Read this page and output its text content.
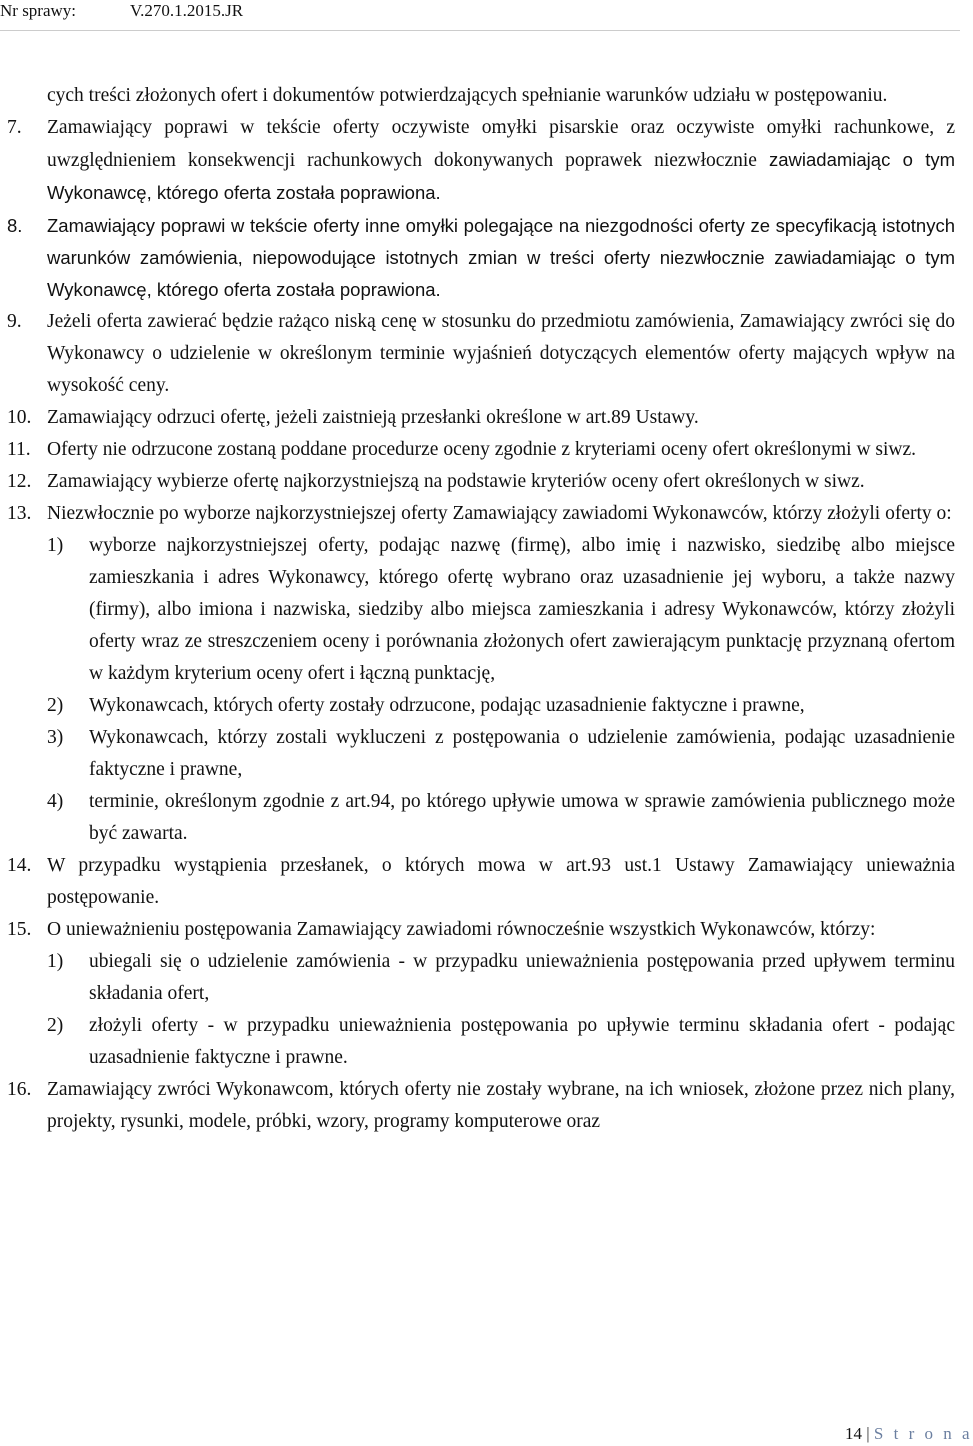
Nr sprawy:	V.270.1.2015.JR
cych treści złożonych ofert i dokumentów potwierdzających spełnianie warunków udziału w postępowaniu.
7. Zamawiający poprawi w tekście oferty oczywiste omyłki pisarskie oraz oczywiste omyłki rachunkowe, z uwzględnieniem konsekwencji rachunkowych dokonywanych poprawek niezwłocznie zawiadamiając o tym Wykonawcę, którego oferta została poprawiona.
8. Zamawiający poprawi w tekście oferty inne omyłki polegające na niezgodności oferty ze specyfikacją istotnych warunków zamówienia, niepowodujące istotnych zmian w treści oferty niezwłocznie zawiadamiając o tym Wykonawcę, którego oferta została poprawiona.
9. Jeżeli oferta zawierać będzie rażąco niską cenę w stosunku do przedmiotu zamówienia, Zamawiający zwróci się do Wykonawcy o udzielenie w określonym terminie wyjaśnień dotyczących elementów oferty mających wpływ na wysokość ceny.
10. Zamawiający odrzuci ofertę, jeżeli zaistnieją przesłanki określone w art.89 Ustawy.
11. Oferty nie odrzucone zostaną poddane procedurze oceny zgodnie z kryteriami oceny ofert określonymi w siwz.
12. Zamawiający wybierze ofertę najkorzystniejszą na podstawie kryteriów oceny ofert określonych w siwz.
13. Niezwłocznie po wyborze najkorzystniejszej oferty Zamawiający zawiadomi Wykonawców, którzy złożyli oferty o:
1) wyborze najkorzystniejszej oferty, podając nazwę (firmę), albo imię i nazwisko, siedzibę albo miejsce zamieszkania i adres Wykonawcy, którego ofertę wybrano oraz uzasadnienie jej wyboru, a także nazwy (firmy), albo imiona i nazwiska, siedziby albo miejsca zamieszkania i adresy Wykonawców, którzy złożyli oferty wraz ze streszczeniem oceny i porównania złożonych ofert zawierającym punktację przyznaną ofertom w każdym kryterium oceny ofert i łączną punktację,
2) Wykonawcach, których oferty zostały odrzucone, podając uzasadnienie faktyczne i prawne,
3) Wykonawcach, którzy zostali wykluczeni z postępowania o udzielenie zamówienia, podając uzasadnienie faktyczne i prawne,
4) terminie, określonym zgodnie z art.94, po którego upływie umowa w sprawie zamówienia publicznego może być zawarta.
14. W przypadku wystąpienia przesłanek, o których mowa w art.93 ust.1 Ustawy Zamawiający unieważnia postępowanie.
15. O unieważnieniu postępowania Zamawiający zawiadomi równocześnie wszystkich Wykonawców, którzy:
1) ubiegali się o udzielenie zamówienia - w przypadku unieważnienia postępowania przed upływem terminu składania ofert,
2) złożyli oferty - w przypadku unieważnienia postępowania po upływie terminu składania ofert - podając uzasadnienie faktyczne i prawne.
16. Zamawiający zwróci Wykonawcom, których oferty nie zostały wybrane, na ich wniosek, złożone przez nich plany, projekty, rysunki, modele, próbki, wzory, programy komputerowe oraz
14 | S t r o n a
